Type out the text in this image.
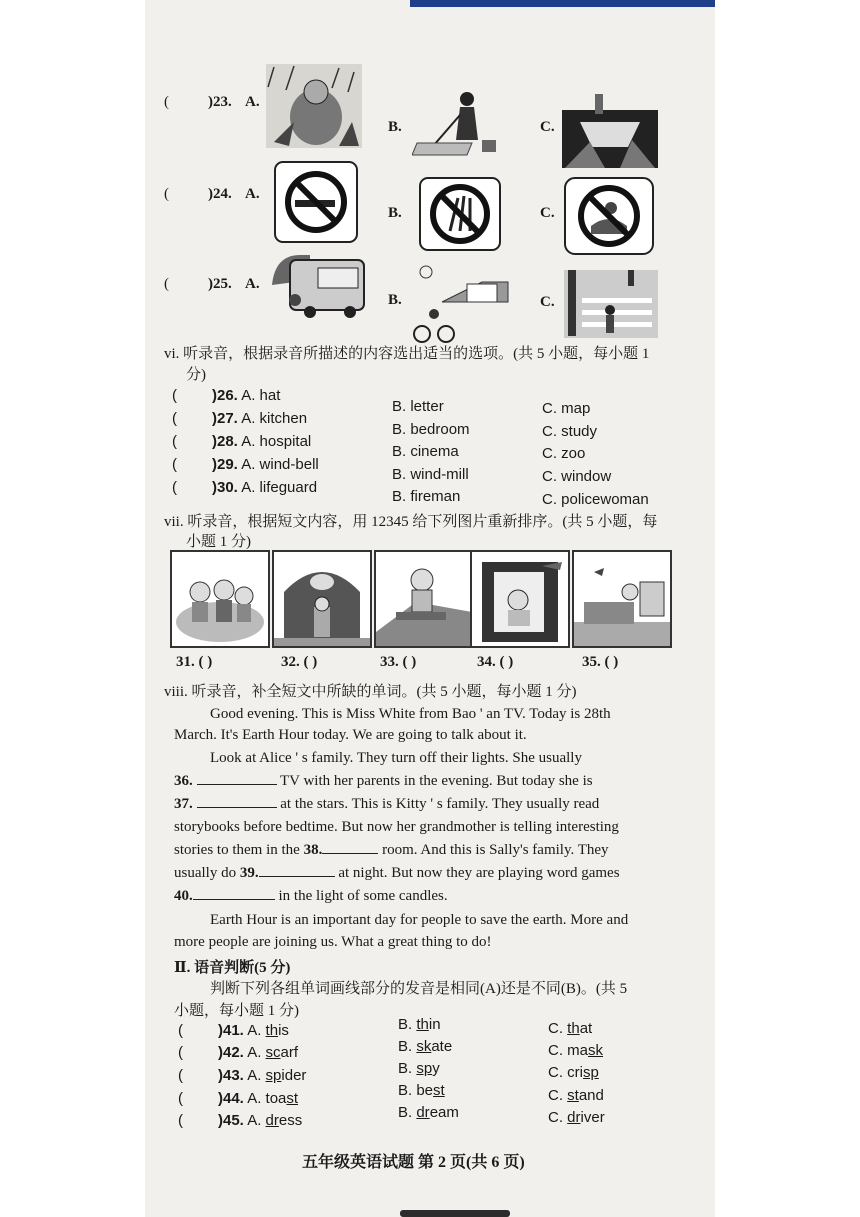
(	)23. A.
B.	C.
(	)24. A.
B.	C.
(	)25. A.
B.	C.
vi. 听录音，根据录音所描述的内容选出适当的选项。(共 5 小题，每小题 1
分)
( )26. A. hat
B. letter	C. map
( )27. A. kitchen
B. bedroom	C. study
( )28. A. hospital
B. cinema	C. zoo
( )29. A. wind-bell
B. wind-mill	C. window
( )30. A. lifeguard
B. fireman	C. policewoman
vii. 听录音，根据短文内容，用 12345 给下列图片重新排序。(共 5 小题，每
小题 1 分)
31. ( )	32. ( )	33. ( )	34. ( )	35. ( )
viii. 听录音，补全短文中所缺的单词。(共 5 小题，每小题 1 分)
Good evening. This is Miss White from Bao ' an TV. Today is 28th
March. It's Earth Hour today. We are going to talk about it.
Look at Alice ' s family. They turn off their lights. She usually
36.	TV with her parents in the evening. But today she is
37.	at the stars. This is Kitty ' s family. They usually read
storybooks before bedtime. But now her grandmother is telling interesting
stories to them in the 38.	room. And this is Sally's family. They
usually do 39.	at night. But now they are playing word games
40.	in the light of some candles.
Earth Hour is an important day for people to save the earth. More and
more people are joining us. What a great thing to do!
Ⅱ. 语音判断(5 分)
判断下列各组单词画线部分的发音是相同(A)还是不同(B)。(共 5
小题，每小题 1 分)
( )41. A. this	B. thin	C. that
( )42. A. scarf	B. skate	C. mask
( )43. A. spider	B. spy	C. crisp
( )44. A. toast	B. best	C. stand
( )45. A. dress	B. dream	C. driver
五年级英语试题 第 2 页(共 6 页)
